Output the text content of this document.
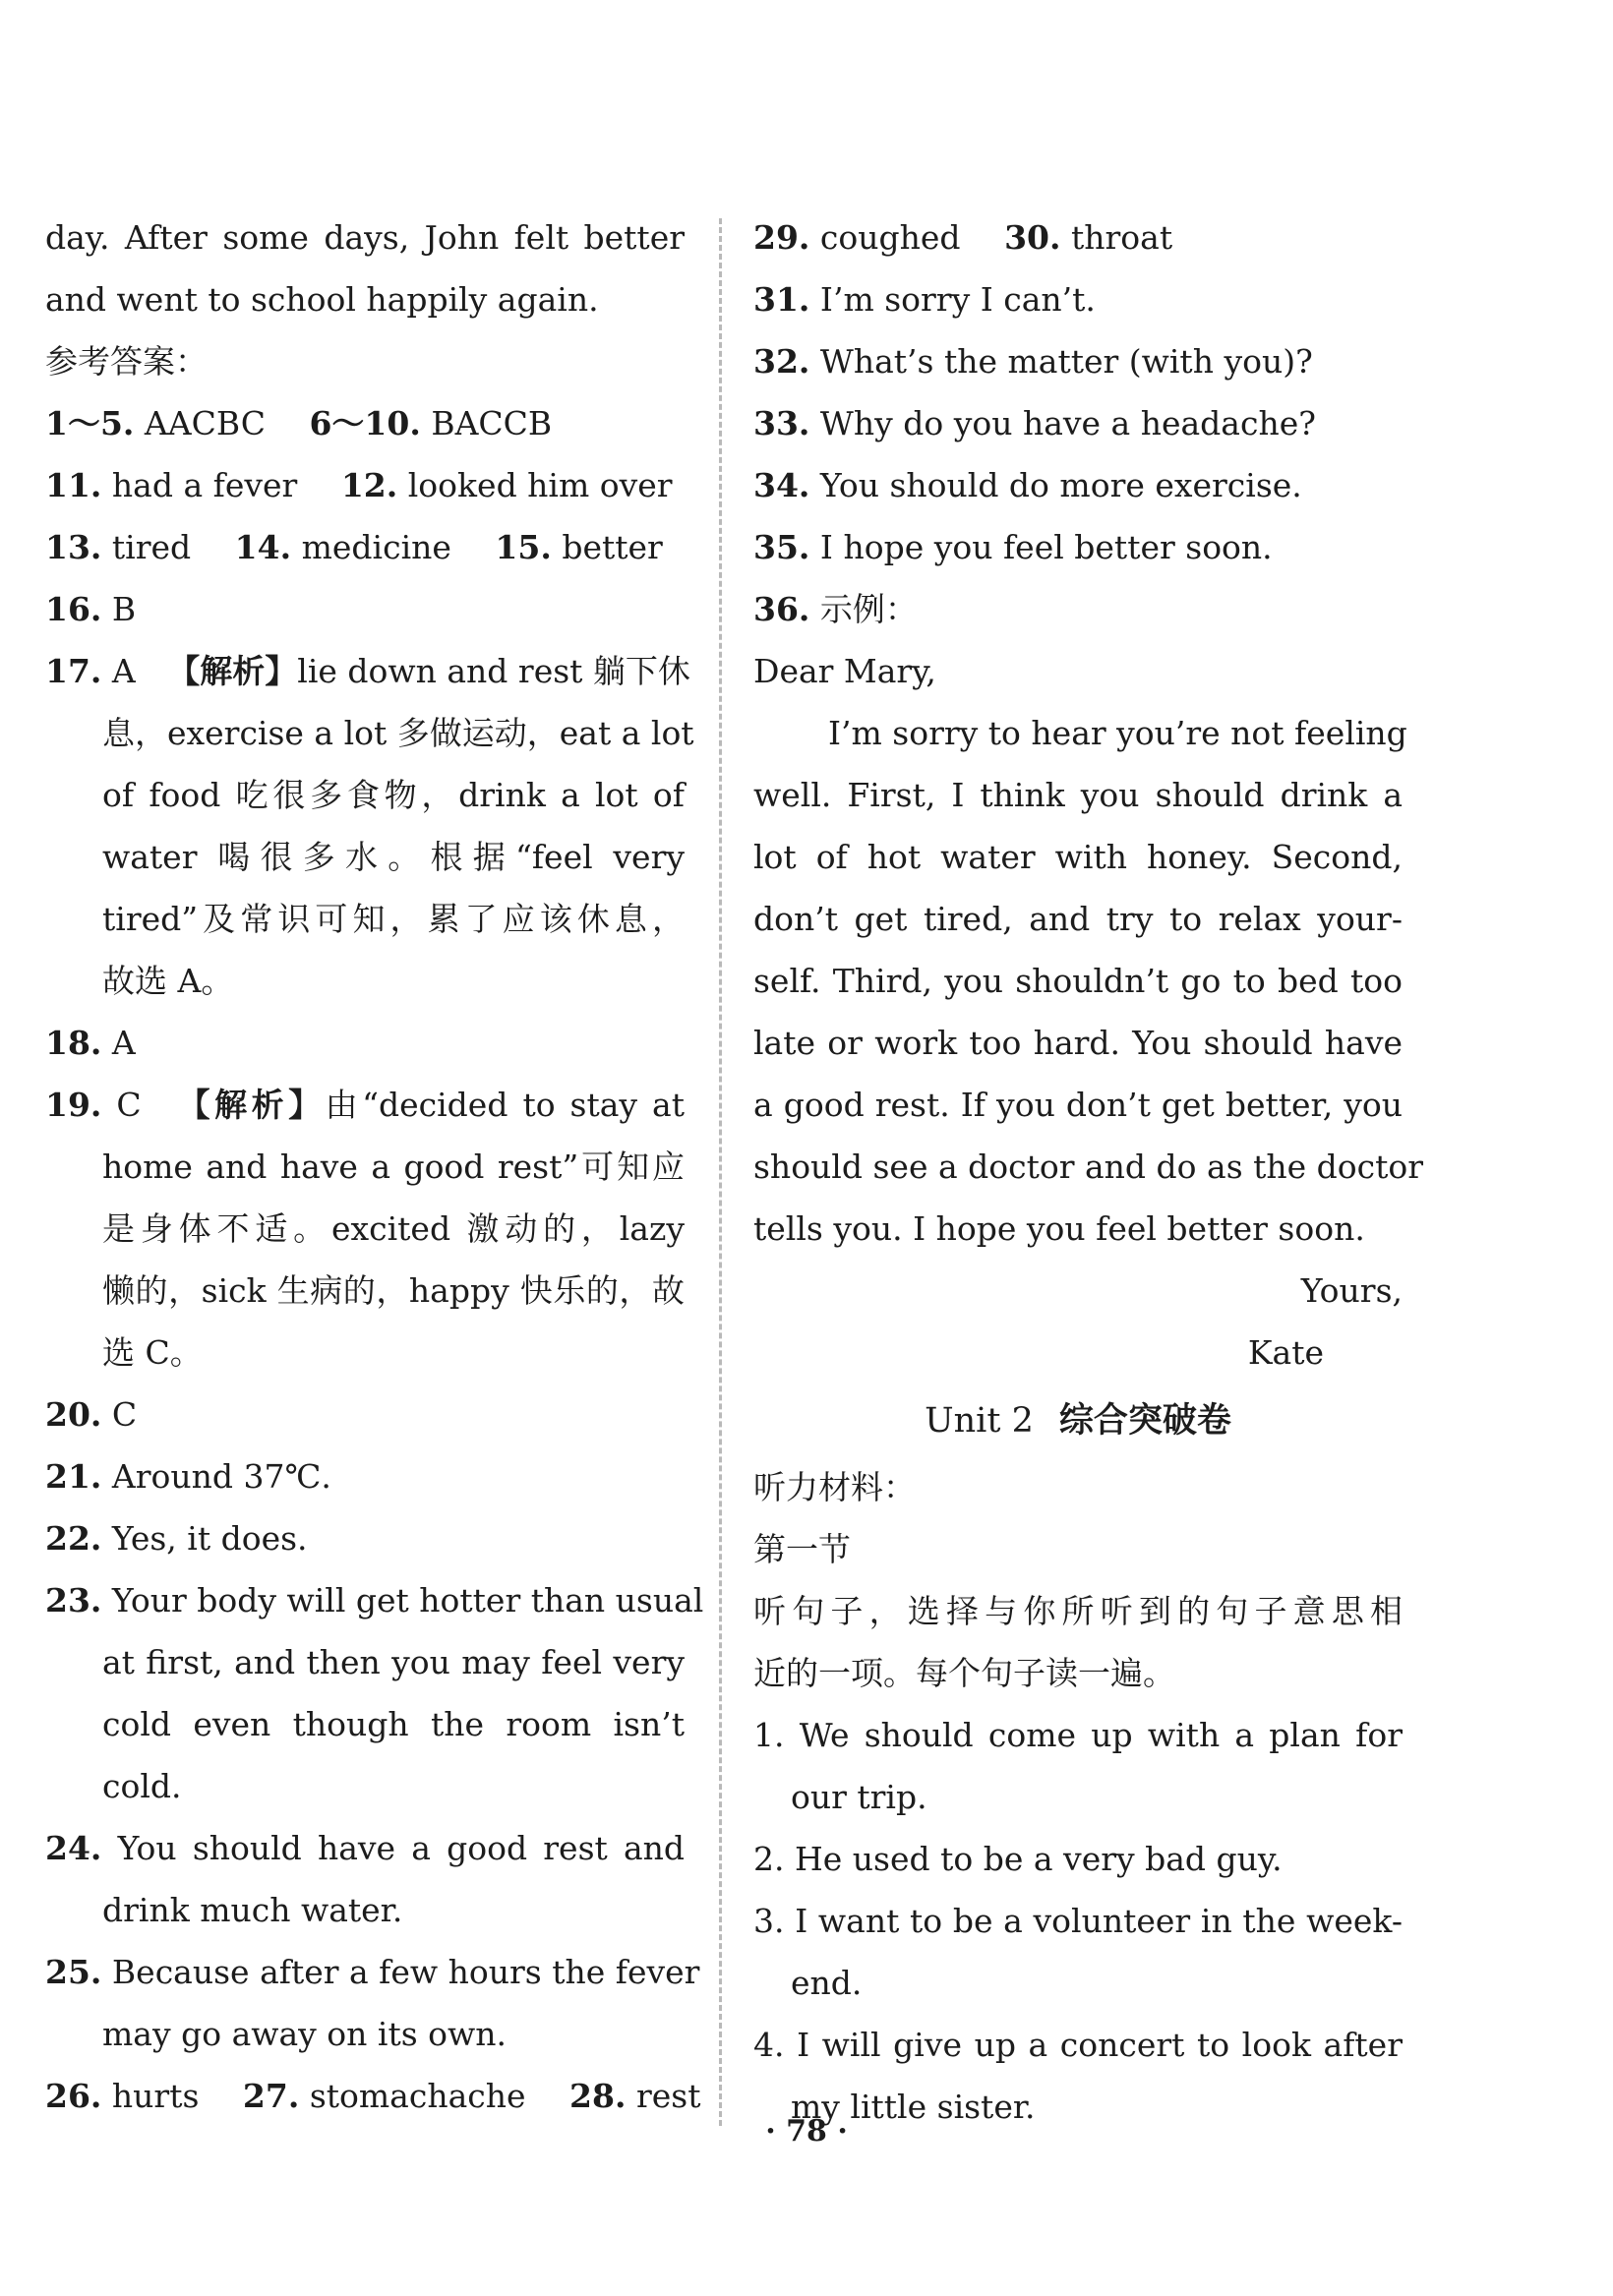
day. After some days, John felt better
and went to school happily again.
参考答案：
1～5. AACBC 6～10. BACCB
11. had a fever 12. looked him over
13. tired 14. medicine 15. better
16. B
17. A 【解析】lie down and rest 躺下休
息，exercise a lot 多做运动，eat a lot
of food 吃很多食物，drink a lot of
water 喝很多水。根据“feel very
tired”及常识可知，累了应该休息，
故选 A。
18. A
19. C 【解析】由“decided to stay at
home and have a good rest”可知应
是身体不适。excited 激动的，lazy
懒的，sick 生病的，happy 快乐的，故
选 C。
20. C
21. Around 37℃.
22. Yes, it does.
23. Your body will get hotter than usual
at first, and then you may feel very
cold even though the room isn’t
cold.
24. You should have a good rest and
drink much water.
25. Because after a few hours the fever
may go away on its own.
26. hurts 27. stomachache 28. rest
29. coughed 30. throat
31. I’m sorry I can’t.
32. What’s the matter (with you)?
33. Why do you have a headache?
34. You should do more exercise.
35. I hope you feel better soon.
36. 示例：
Dear Mary,
I’m sorry to hear you’re not feeling
well. First, I think you should drink a
lot of hot water with honey. Second,
don’t get tired, and try to relax your-
self. Third, you shouldn’t go to bed too
late or work too hard. You should have
a good rest. If you don’t get better, you
should see a doctor and do as the doctor
tells you. I hope you feel better soon.
Yours,
Kate
Unit 2 综合突破卷
听力材料：
第一节
听句子，选择与你所听到的句子意思相
近的一项。每个句子读一遍。
1. We should come up with a plan for
our trip.
2. He used to be a very bad guy.
3. I want to be a volunteer in the week-
end.
4. I will give up a concert to look after
my little sister.
· 78 ·
